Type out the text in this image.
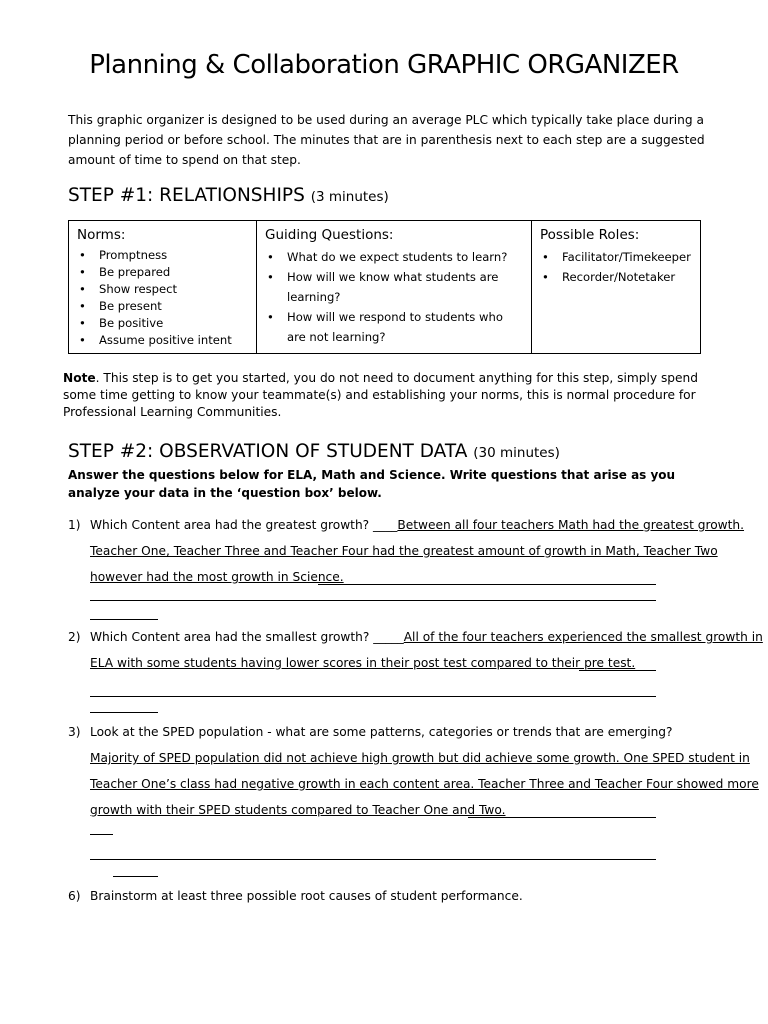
Planning & Collaboration GRAPHIC ORGANIZER
This graphic organizer is designed to be used during an average PLC which typically take place during a planning period or before school. The minutes that are in parenthesis next to each step are a suggested amount of time to spend on that step.
STEP #1: RELATIONSHIPS (3 minutes)
Norms:
• Promptness
• Be prepared
• Show respect
• Be present
• Be positive
• Assume positive intent
Guiding Questions:
• What do we expect students to learn?
• How will we know what students are learning?
• How will we respond to students who are not learning?
Possible Roles:
• Facilitator/Timekeeper
• Recorder/Notetaker
Note. This step is to get you started, you do not need to document anything for this step, simply spend some time getting to know your teammate(s) and establishing your norms, this is normal procedure for Professional Learning Communities.
STEP #2: OBSERVATION OF STUDENT DATA (30 minutes)
Answer the questions below for ELA, Math and Science. Write questions that arise as you analyze your data in the ‘question box’ below.
1) Which Content area had the greatest growth? ____Between all four teachers Math had the greatest growth.
Teacher One, Teacher Three and Teacher Four had the greatest amount of growth in Math, Teacher Two
however had the most growth in Science.
2) Which Content area had the smallest growth? _____All of the four teachers experienced the smallest growth in
ELA with some students having lower scores in their post test compared to their pre test.
3) Look at the SPED population - what are some patterns, categories or trends that are emerging?
Majority of SPED population did not achieve high growth but did achieve some growth. One SPED student in
Teacher One’s class had negative growth in each content area. Teacher Three and Teacher Four showed more
growth with their SPED students compared to Teacher One and Two.
6) Brainstorm at least three possible root causes of student performance.
